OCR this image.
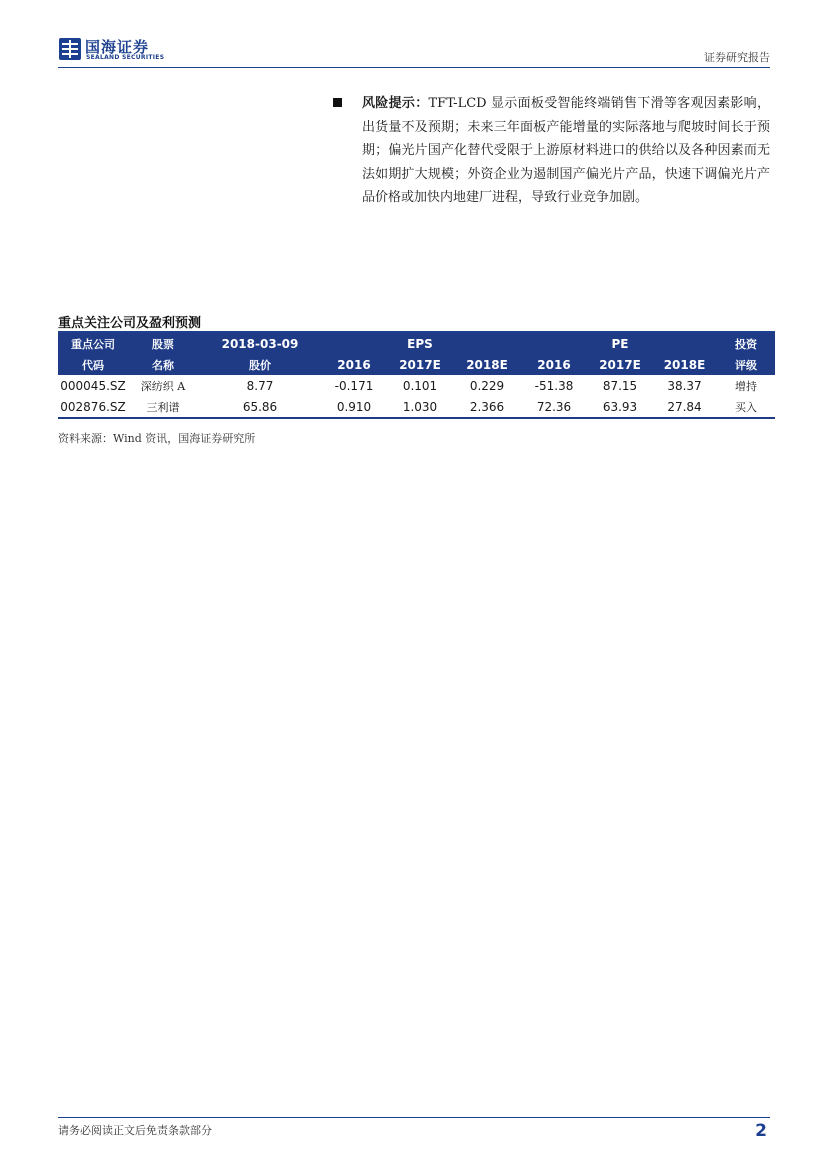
国海证券
SEALAND SECURITIES	证券研究报告
风险提示：TFT-LCD 显示面板受智能终端销售下滑等客观因素影响，出货量不及预期；未来三年面板产能增量的实际落地与爬坡时间长于预期；偏光片国产化替代受限于上游原材料进口的供给以及各种因素而无法如期扩大规模；外资企业为遏制国产偏光片产品，快速下调偏光片产品价格或加快内地建厂进程，导致行业竞争加剧。
重点关注公司及盈利预测
重点公司	股票	2018-03-09		EPS			PE		投资
代码	名称	股价	2016	2017E	2018E	2016	2017E	2018E	评级
000045.SZ	深纺织 A	8.77	-0.171	0.101	0.229	-51.38	87.15	38.37	增持
002876.SZ	三利谱	65.86	0.910	1.030	2.366	72.36	63.93	27.84	买入
资料来源：Wind 资讯，国海证券研究所
请务必阅读正文后免责条款部分	2
